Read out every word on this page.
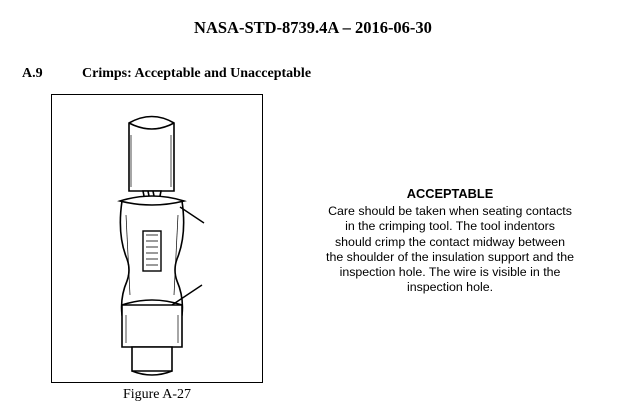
NASA-STD-8739.4A – 2016-06-30
A.9	Crimps: Acceptable and Unacceptable
Figure A-27
ACCEPTABLE
Care should be taken when seating contacts
in the crimping tool. The tool indentors
should crimp the contact midway between
the shoulder of the insulation support and the
inspection hole. The wire is visible in the
inspection hole.
